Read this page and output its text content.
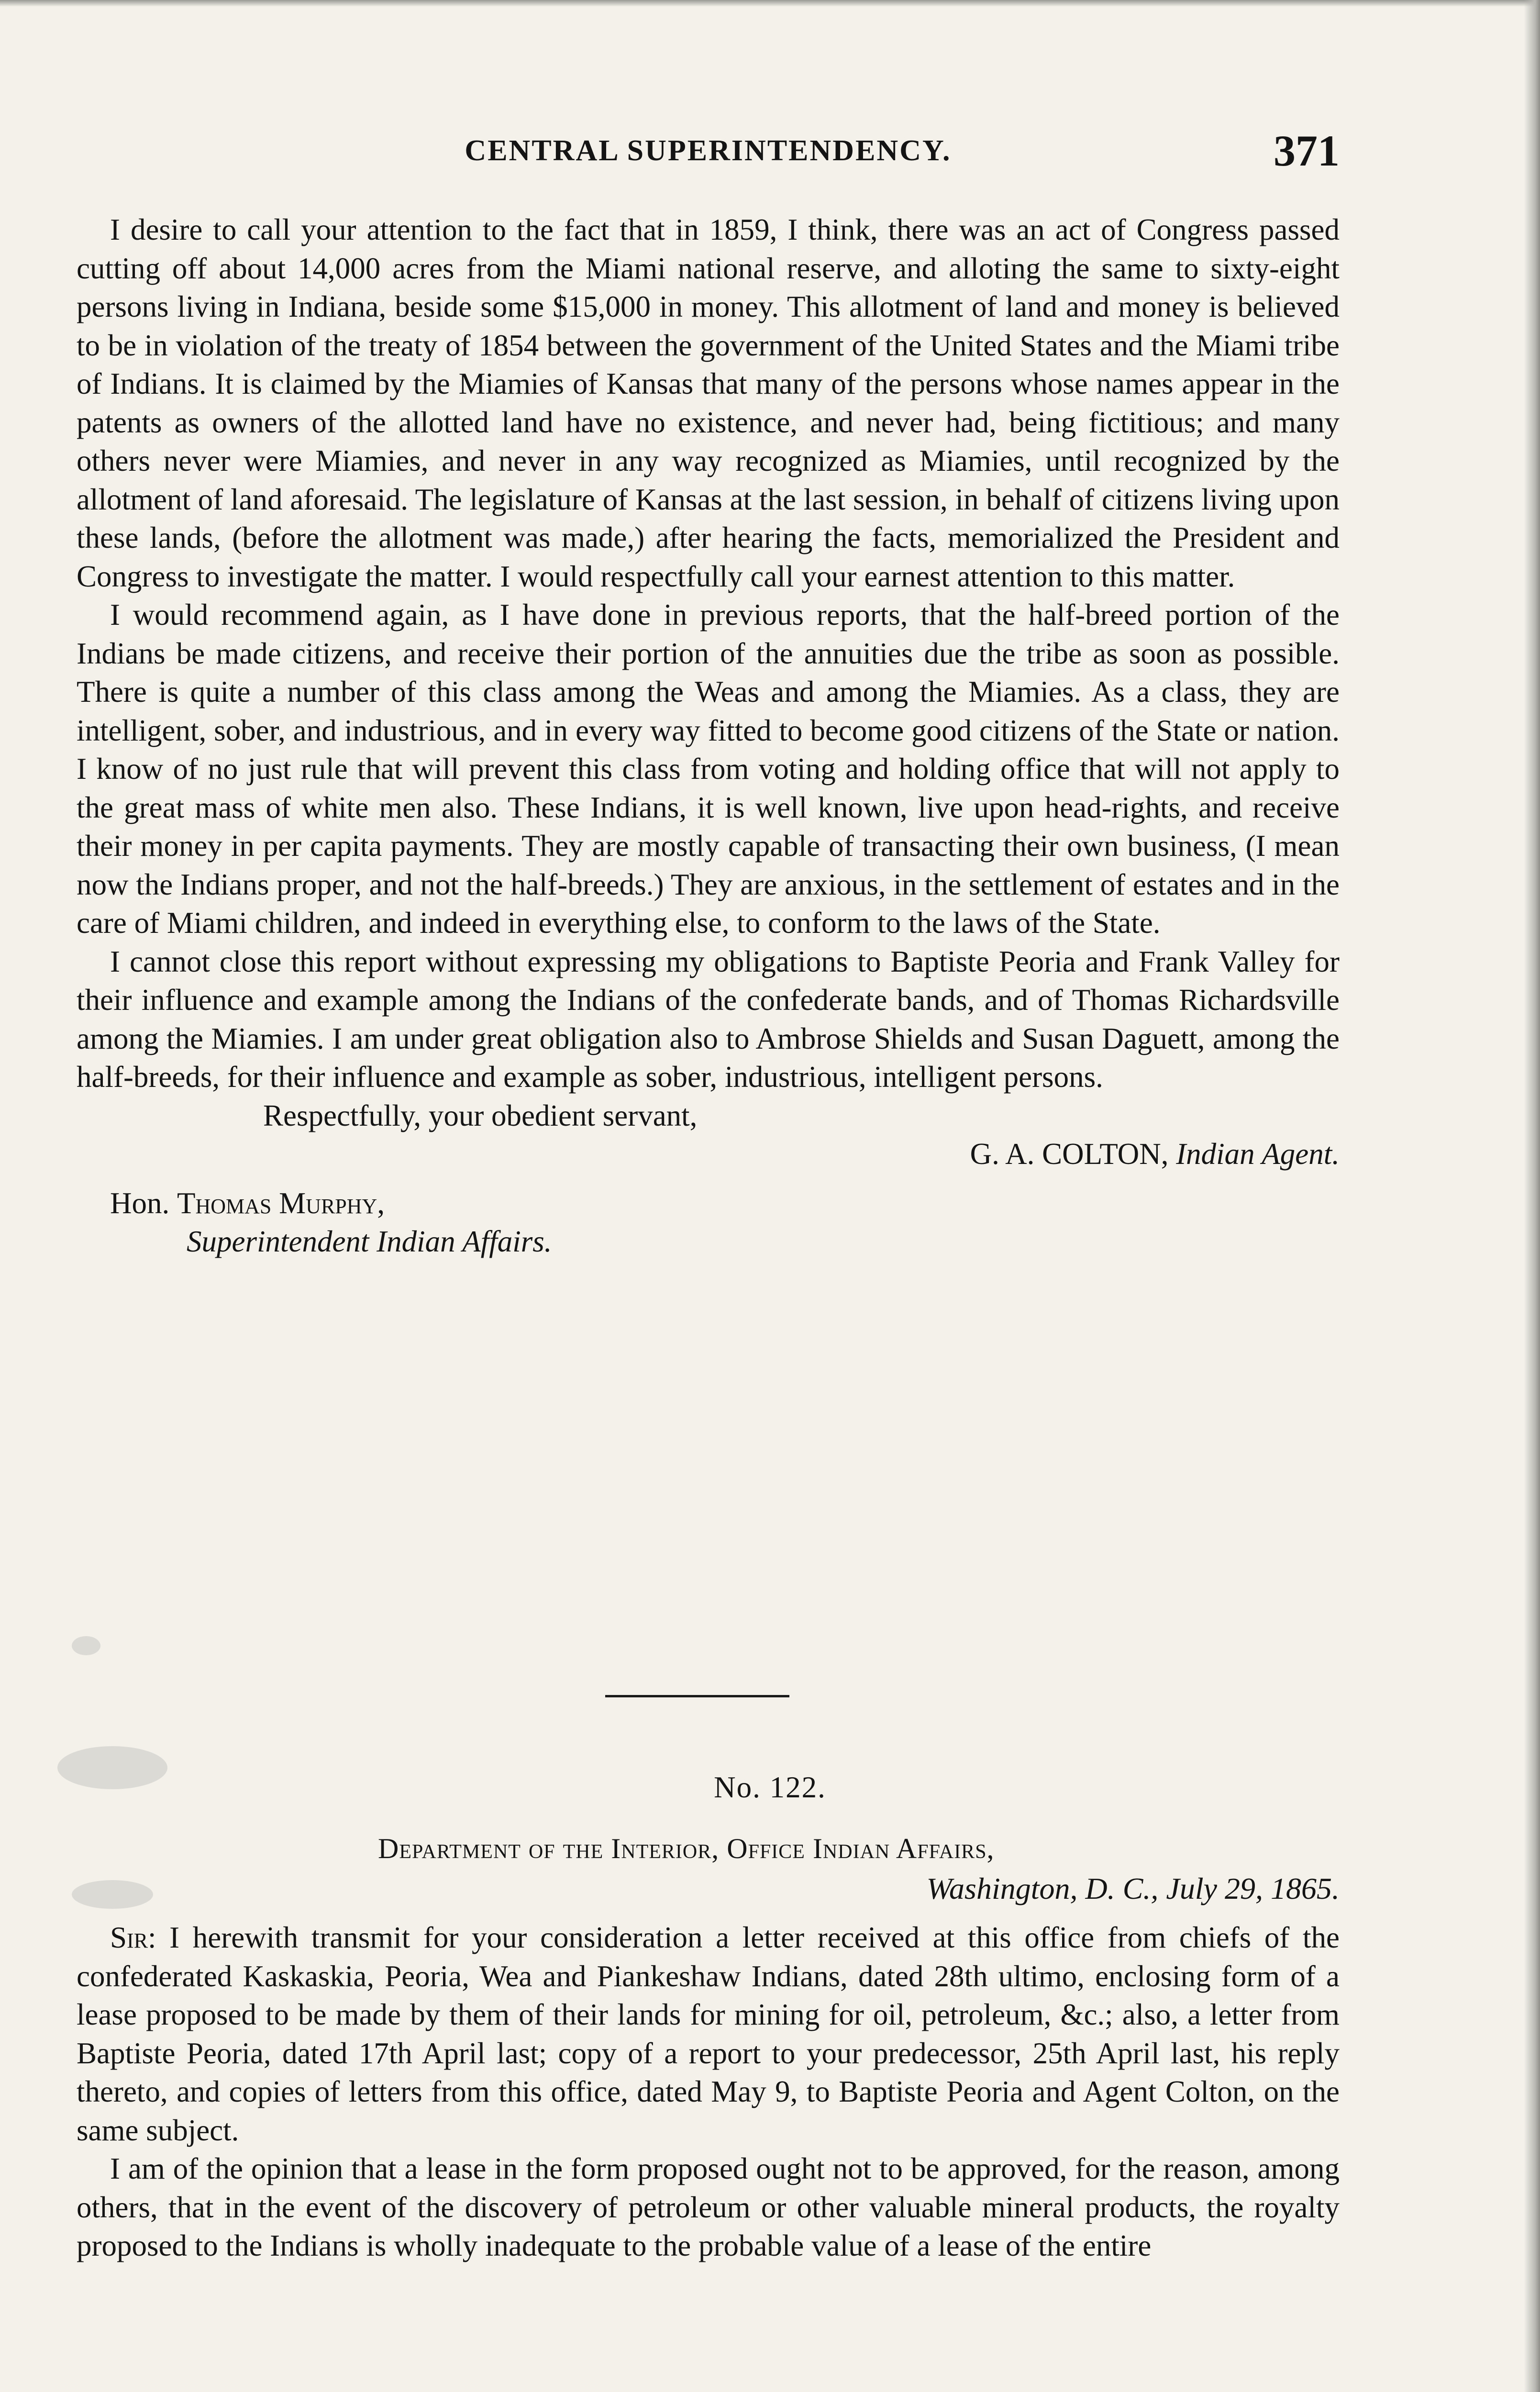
CENTRAL SUPERINTENDENCY.	371

I desire to call your attention to the fact that in 1859, I think, there was an act of Congress passed cutting off about 14,000 acres from the Miami national reserve, and alloting the same to sixty-eight persons living in Indiana, beside some $15,000 in money. This allotment of land and money is believed to be in violation of the treaty of 1854 between the government of the United States and the Miami tribe of Indians. It is claimed by the Miamies of Kansas that many of the persons whose names appear in the patents as owners of the allotted land have no existence, and never had, being fictitious; and many others never were Miamies, and never in any way recognized as Miamies, until recognized by the allotment of land aforesaid. The legislature of Kansas at the last session, in behalf of citizens living upon these lands, (before the allotment was made,) after hearing the facts, memorialized the President and Congress to investigate the matter. I would respectfully call your earnest attention to this matter.

I would recommend again, as I have done in previous reports, that the half-breed portion of the Indians be made citizens, and receive their portion of the annuities due the tribe as soon as possible. There is quite a number of this class among the Weas and among the Miamies. As a class, they are intelligent, sober, and industrious, and in every way fitted to become good citizens of the State or nation. I know of no just rule that will prevent this class from voting and holding office that will not apply to the great mass of white men also. These Indians, it is well known, live upon head-rights, and receive their money in per capita payments. They are mostly capable of transacting their own business, (I mean now the Indians proper, and not the half-breeds.) They are anxious, in the settlement of estates and in the care of Miami children, and indeed in everything else, to conform to the laws of the State.

I cannot close this report without expressing my obligations to Baptiste Peoria and Frank Valley for their influence and example among the Indians of the confederate bands, and of Thomas Richardsville among the Miamies. I am under great obligation also to Ambrose Shields and Susan Daguett, among the half-breeds, for their influence and example as sober, industrious, intelligent persons.

Respectfully, your obedient servant,
G. A. COLTON, Indian Agent.
Hon. Thomas Murphy,
Superintendent Indian Affairs.
No. 122.
Department of the Interior, Office Indian Affairs,
Washington, D. C., July 29, 1865.

Sir: I herewith transmit for your consideration a letter received at this office from chiefs of the confederated Kaskaskia, Peoria, Wea and Piankeshaw Indians, dated 28th ultimo, enclosing form of a lease proposed to be made by them of their lands for mining for oil, petroleum, &c.; also, a letter from Baptiste Peoria, dated 17th April last; copy of a report to your predecessor, 25th April last, his reply thereto, and copies of letters from this office, dated May 9, to Baptiste Peoria and Agent Colton, on the same subject.

I am of the opinion that a lease in the form proposed ought not to be approved, for the reason, among others, that in the event of the discovery of petroleum or other valuable mineral products, the royalty proposed to the Indians is wholly inadequate to the probable value of a lease of the entire
